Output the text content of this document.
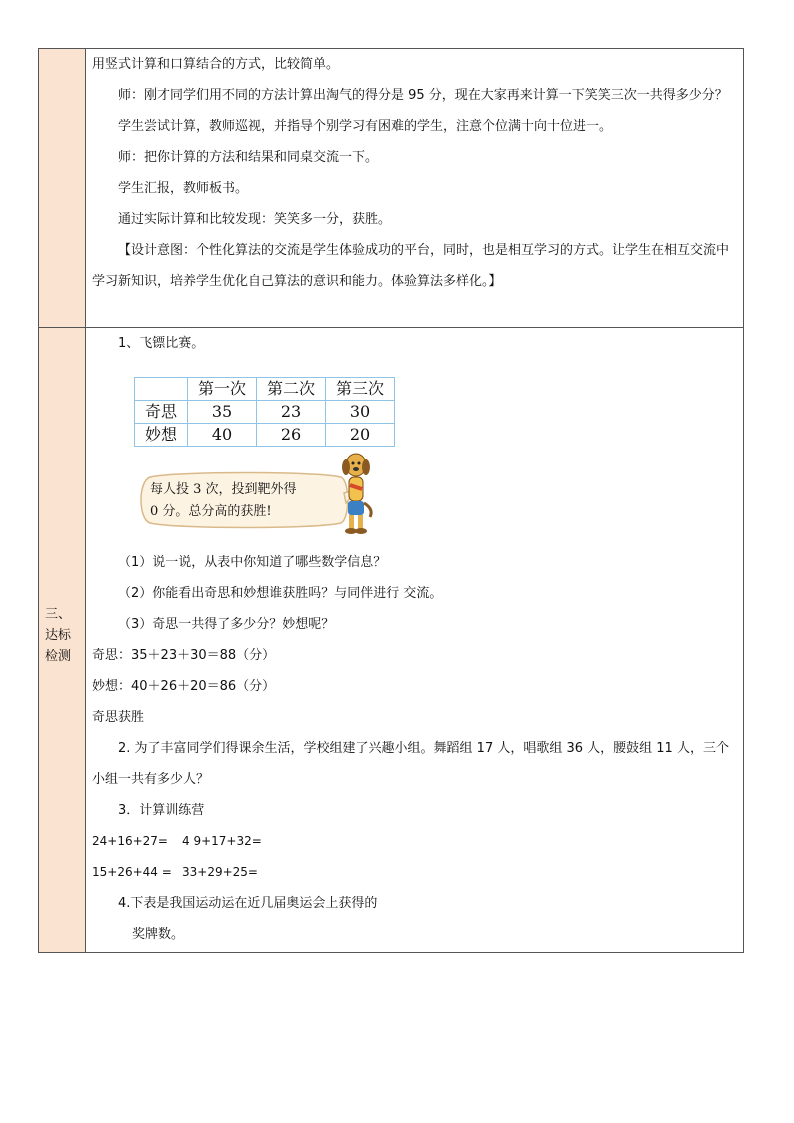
用竖式计算和口算结合的方式，比较简单。

师：刚才同学们用不同的方法计算出淘气的得分是 95 分，现在大家再来计算一下笑笑三次一共得多少分？

学生尝试计算，教师巡视，并指导个别学习有困难的学生，注意个位满十向十位进一。

师：把你计算的方法和结果和同桌交流一下。

学生汇报，教师板书。

通过实际计算和比较发现：笑笑多一分，获胜。

【设计意图：个性化算法的交流是学生体验成功的平台，同时，也是相互学习的方式。让学生在相互交流中学习新知识，培养学生优化自己算法的意识和能力。体验算法多样化。】

三、
达标
检测

1、飞镖比赛。

	第一次	第二次	第三次
奇思	35	23	30
妙想	40	26	20
每人投 3 次，投到靶外得
0 分。总分高的获胜!

（1）说一说，从表中你知道了哪些数学信息？

（2）你能看出奇思和妙想谁获胜吗？与同伴进行 交流。

（3）奇思一共得了多少分？妙想呢？

奇思：35＋23＋30＝88（分）

妙想：40＋26＋20＝86（分）

奇思获胜

2. 为了丰富同学们得课余生活，学校组建了兴趣小组。舞蹈组 17 人，唱歌组 36 人，腰鼓组 11 人，三个小组一共有多少人？

3．计算训练营

24+16+27=	4 9+17+32=

15+26+44 = 33+29+25=

4.下表是我国运动运在近几届奥运会上获得的

奖牌数。
